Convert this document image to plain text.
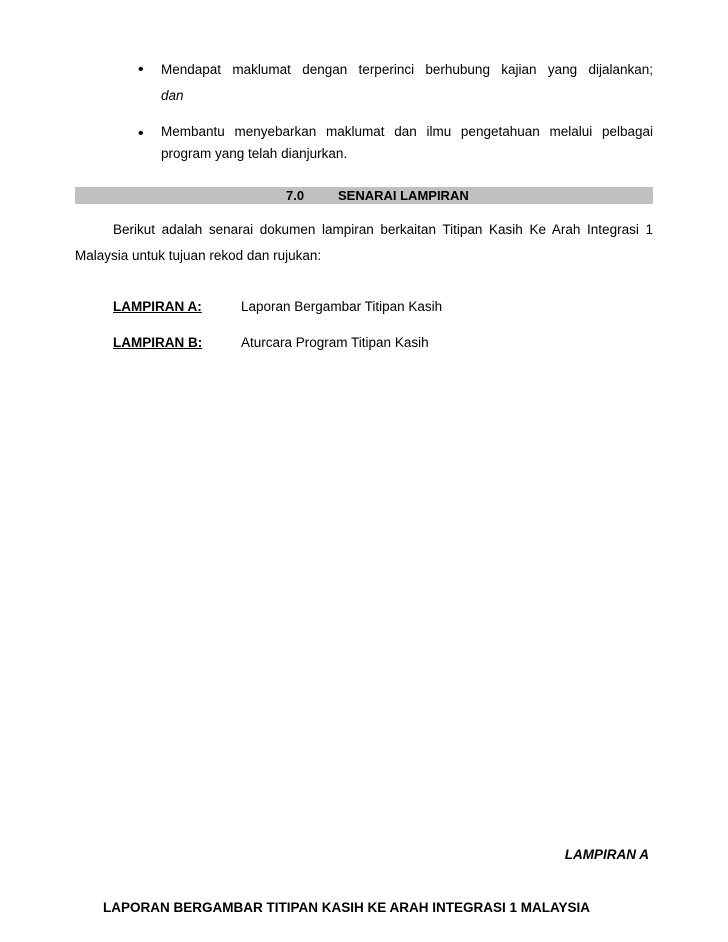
• Mendapat maklumat dengan terperinci berhubung kajian yang dijalankan;
dan
• Membantu menyebarkan maklumat dan ilmu pengetahuan melalui pelbagai
program yang telah dianjurkan.
7.0	SENARAI LAMPIRAN
Berikut adalah senarai dokumen lampiran berkaitan Titipan Kasih Ke Arah Integrasi 1
Malaysia untuk tujuan rekod dan rujukan:
LAMPIRAN A:	Laporan Bergambar Titipan Kasih
LAMPIRAN B:	Aturcara Program Titipan Kasih
LAMPIRAN A
LAPORAN BERGAMBAR TITIPAN KASIH KE ARAH INTEGRASI 1 MALAYSIA
